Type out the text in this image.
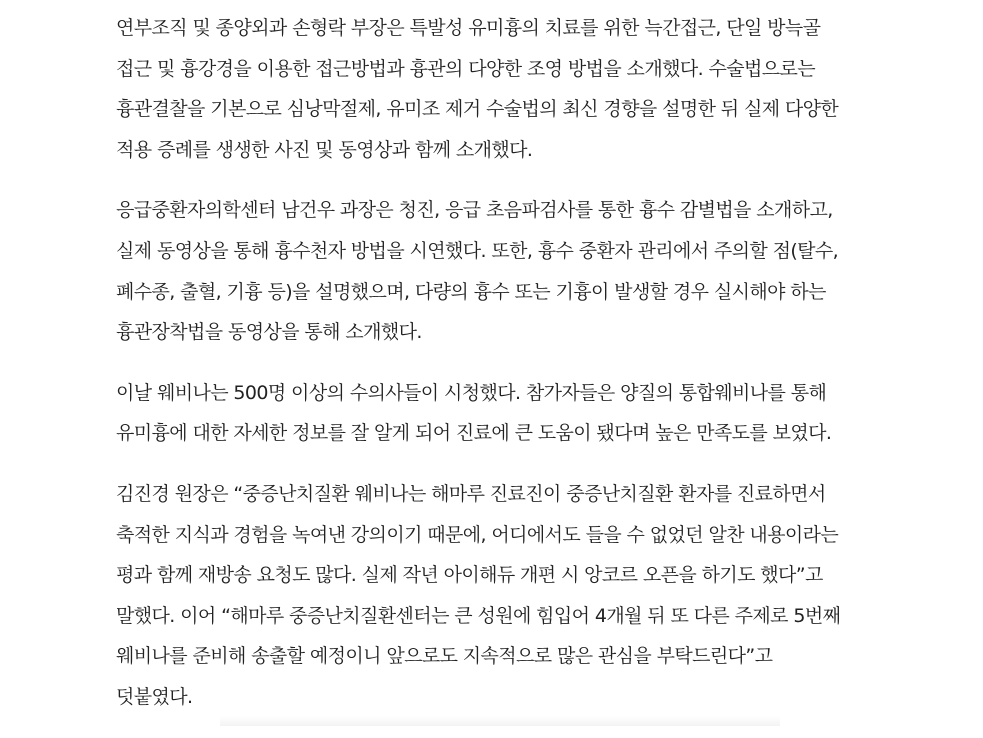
연부조직 및 종양외과 손형락 부장은 특발성 유미흉의 치료를 위한 늑간접근, 단일 방늑골
접근 및 흉강경을 이용한 접근방법과 흉관의 다양한 조영 방법을 소개했다. 수술법으로는
흉관결찰을 기본으로 심낭막절제, 유미조 제거 수술법의 최신 경향을 설명한 뒤 실제 다양한
적용 증례를 생생한 사진 및 동영상과 함께 소개했다.
응급중환자의학센터 남건우 과장은 청진, 응급 초음파검사를 통한 흉수 감별법을 소개하고,
실제 동영상을 통해 흉수천자 방법을 시연했다. 또한, 흉수 중환자 관리에서 주의할 점(탈수,
폐수종, 출혈, 기흉 등)을 설명했으며, 다량의 흉수 또는 기흉이 발생할 경우 실시해야 하는
흉관장착법을 동영상을 통해 소개했다.
이날 웨비나는 500명 이상의 수의사들이 시청했다. 참가자들은 양질의 통합웨비나를 통해
유미흉에 대한 자세한 정보를 잘 알게 되어 진료에 큰 도움이 됐다며 높은 만족도를 보였다.
김진경 원장은 “중증난치질환 웨비나는 해마루 진료진이 중증난치질환 환자를 진료하면서
축적한 지식과 경험을 녹여낸 강의이기 때문에, 어디에서도 들을 수 없었던 알찬 내용이라는
평과 함께 재방송 요청도 많다. 실제 작년 아이해듀 개편 시 앙코르 오픈을 하기도 했다”고
말했다. 이어 “해마루 중증난치질환센터는 큰 성원에 힘입어 4개월 뒤 또 다른 주제로 5번째
웨비나를 준비해 송출할 예정이니 앞으로도 지속적으로 많은 관심을 부탁드린다”고
덧붙였다.
